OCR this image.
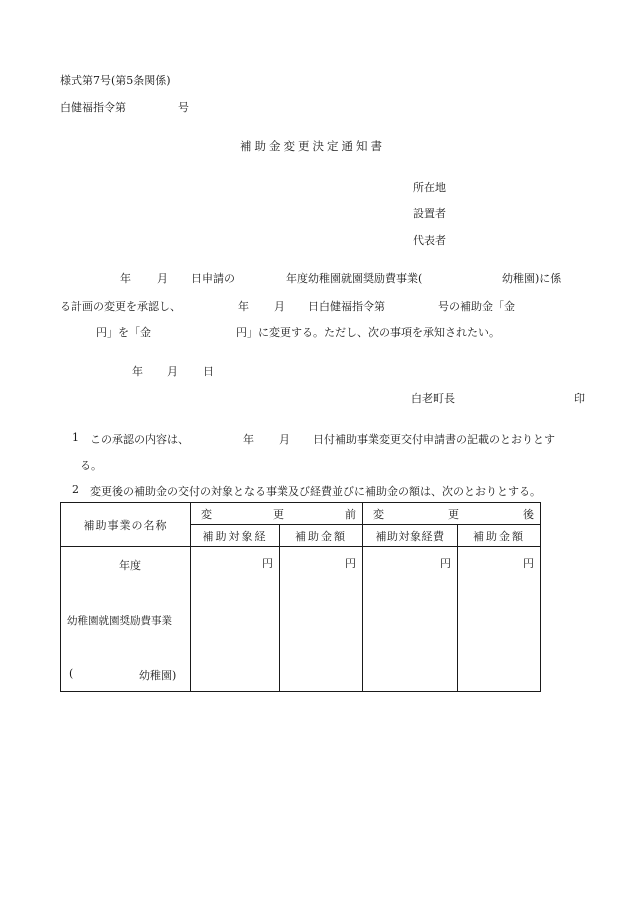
様式第7号(第5条関係)
白健福指令第	号
補助金変更決定通知書
所在地
設置者
代表者
年 月 日申請の	年度幼稚園就園奨励費事業(	幼稚園)に係
る計画の変更を承認し、	年 月 日白健福指令第	号の補助金「金
円」を「金	円」に変更する。ただし、次の事項を承知されたい。
年 月 日
白老町長	印
1 この承認の内容は、	年 月 日付補助事業変更交付申請書の記載のとおりとす
る。
2 変更後の補助金の交付の対象となる事業及び経費並びに補助金の額は、次のとおりとする。
補助事業の名称	変 更 前		変 更 後	

	補助対象経	補助金額	補助対象経費	補助金額

年度
幼稚園就園奨励費事業
( 幼稚園)	円	円	円	円
